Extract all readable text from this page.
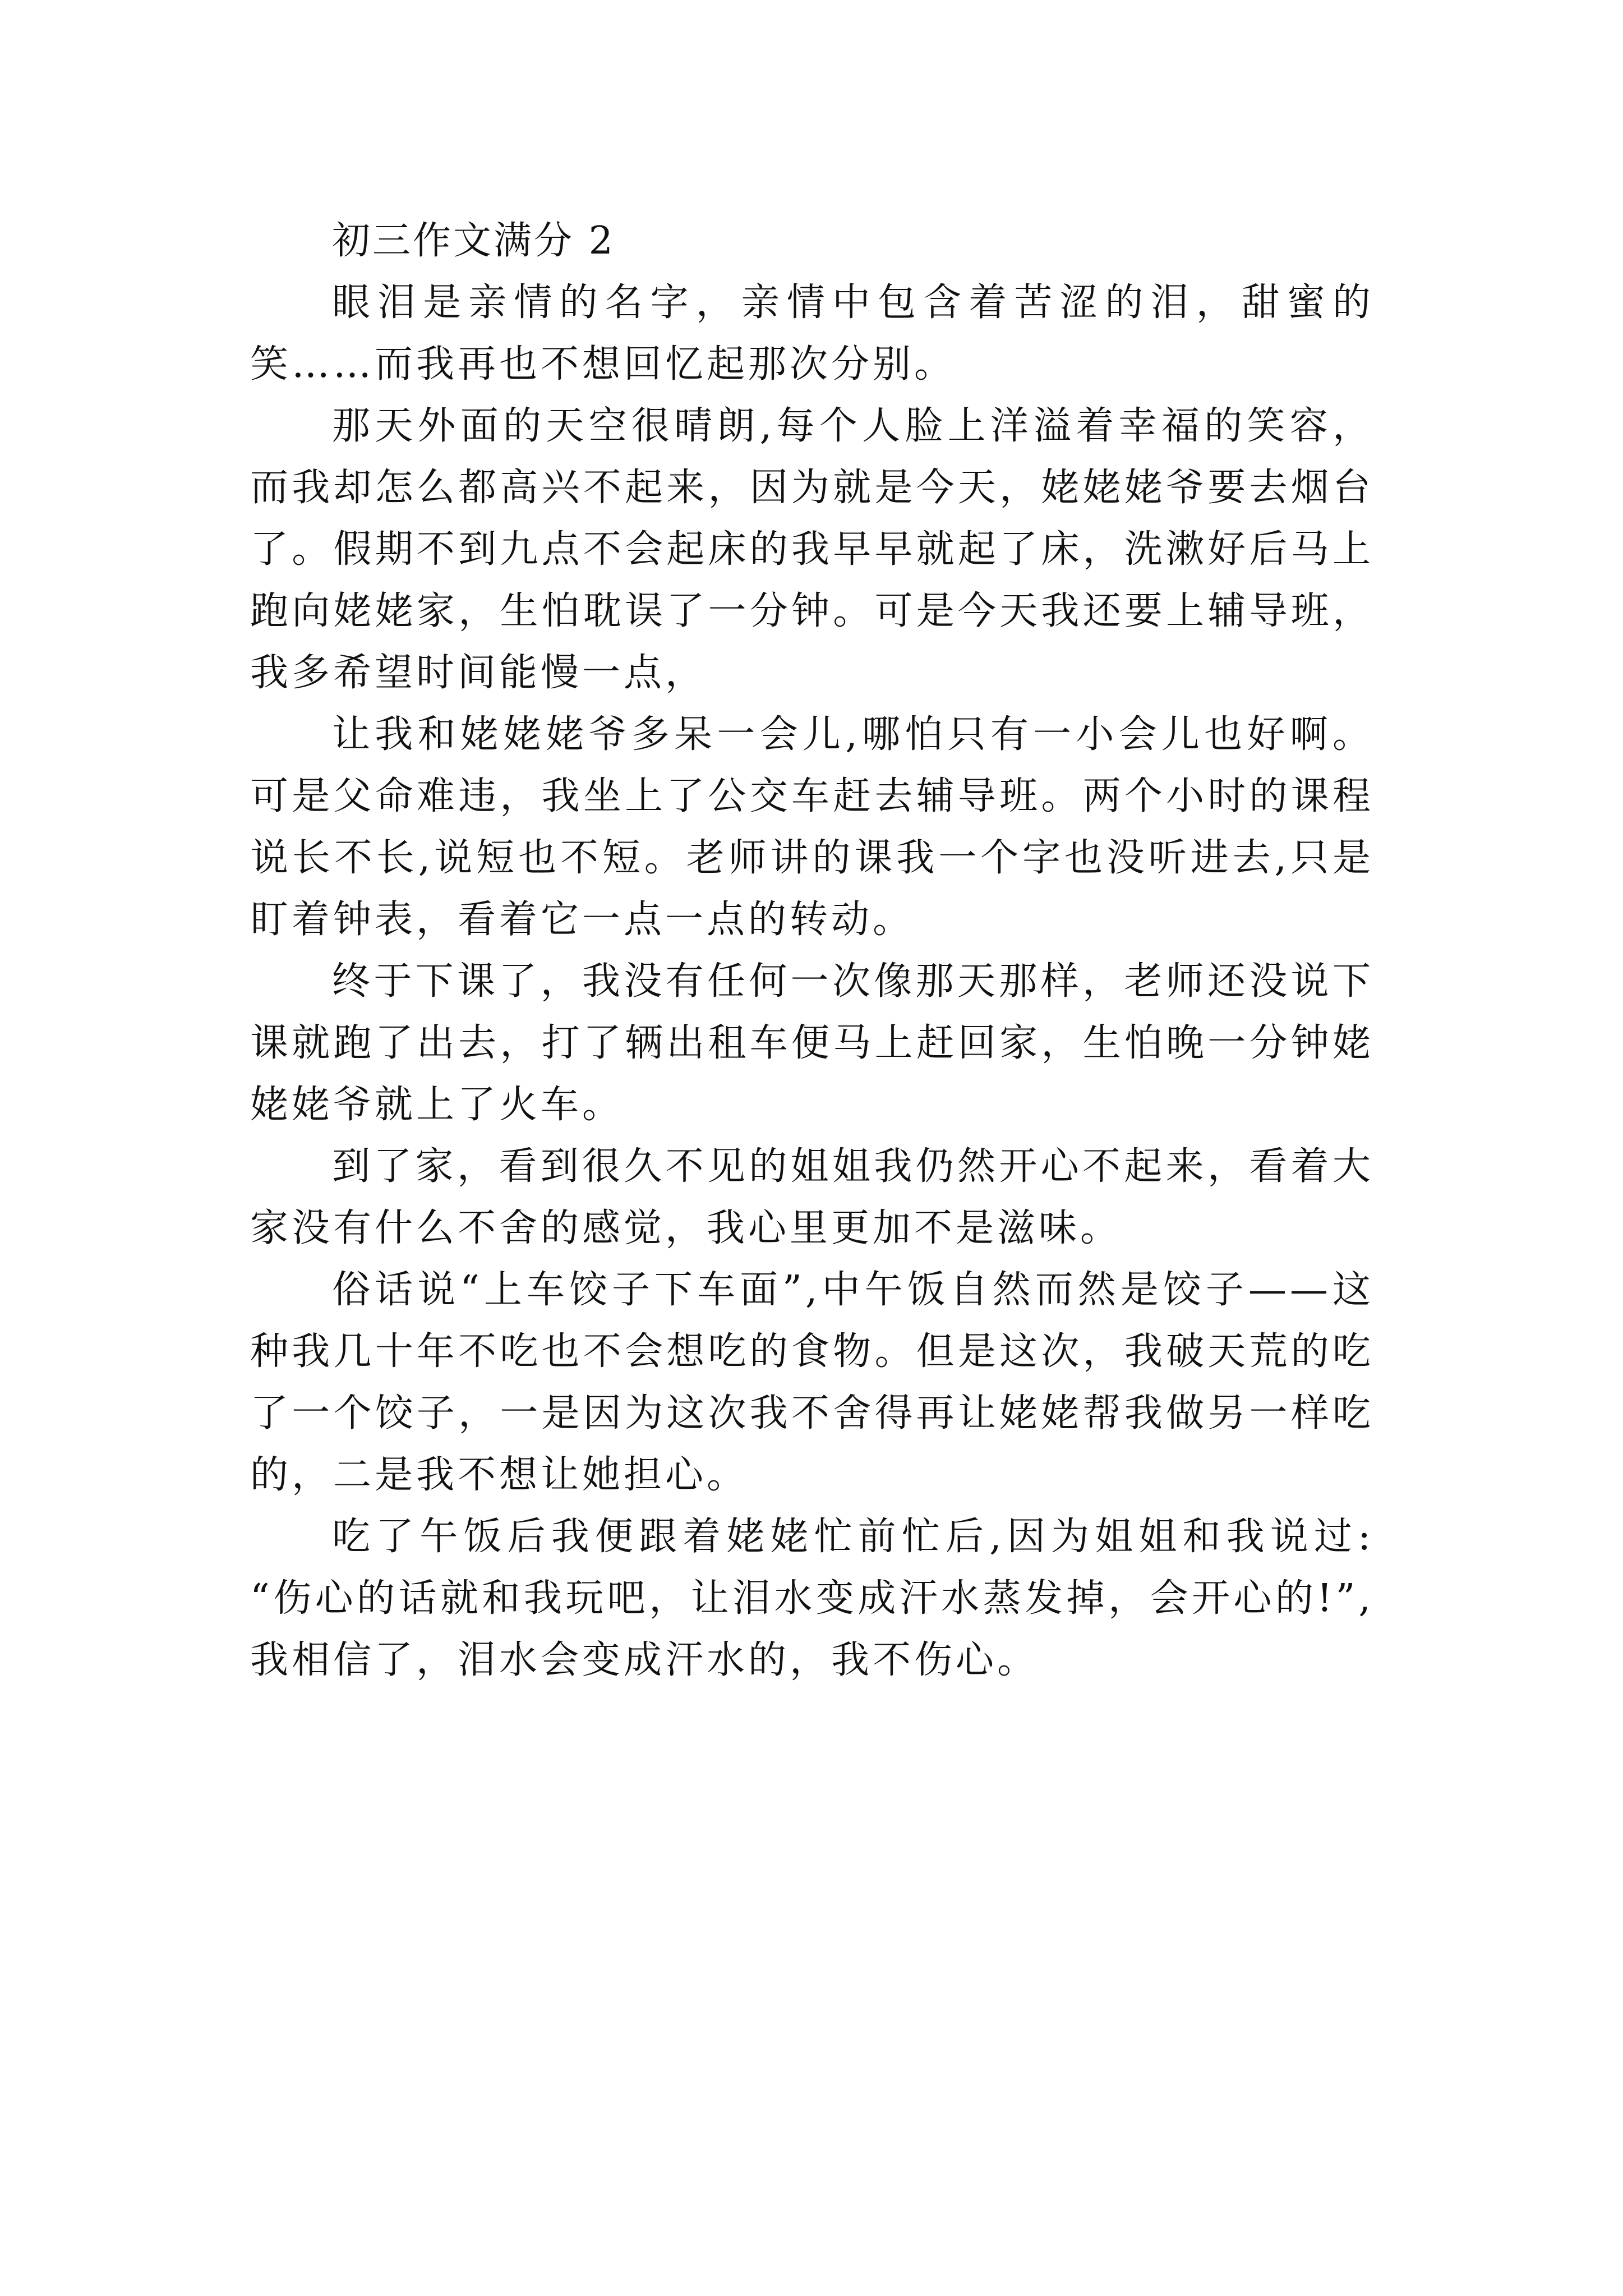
初三作文满分 2

眼泪是亲情的名字，亲情中包含着苦涩的泪，甜蜜的笑……而我再也不想回忆起那次分别。

那天外面的天空很晴朗,每个人脸上洋溢着幸福的笑容，而我却怎么都高兴不起来，因为就是今天，姥姥姥爷要去烟台了。假期不到九点不会起床的我早早就起了床，洗漱好后马上跑向姥姥家，生怕耽误了一分钟。可是今天我还要上辅导班，我多希望时间能慢一点，

让我和姥姥姥爷多呆一会儿,哪怕只有一小会儿也好啊。可是父命难违，我坐上了公交车赶去辅导班。两个小时的课程说长不长,说短也不短。老师讲的课我一个字也没听进去,只是盯着钟表，看着它一点一点的转动。

终于下课了，我没有任何一次像那天那样，老师还没说下课就跑了出去，打了辆出租车便马上赶回家，生怕晚一分钟姥姥姥爷就上了火车。

到了家，看到很久不见的姐姐我仍然开心不起来，看着大家没有什么不舍的感觉，我心里更加不是滋味。

俗话说“上车饺子下车面”,中午饭自然而然是饺子——这种我几十年不吃也不会想吃的食物。但是这次，我破天荒的吃了一个饺子，一是因为这次我不舍得再让姥姥帮我做另一样吃的，二是我不想让她担心。

吃了午饭后我便跟着姥姥忙前忙后,因为姐姐和我说过: “伤心的话就和我玩吧，让泪水变成汗水蒸发掉，会开心的!”,我相信了，泪水会变成汗水的，我不伤心。
